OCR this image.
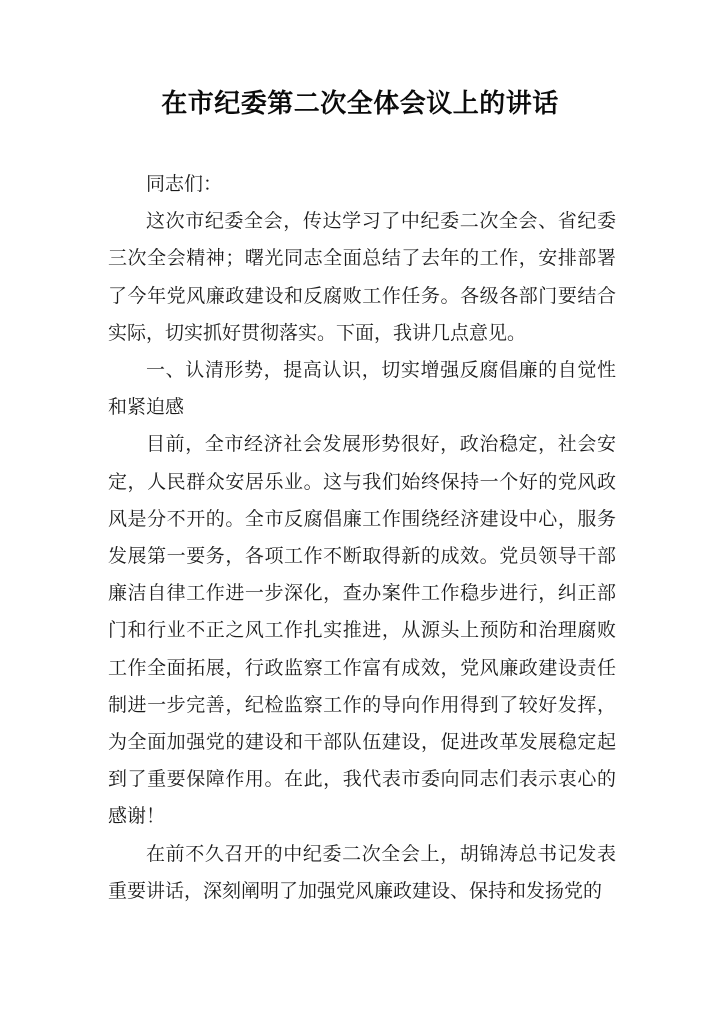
在市纪委第二次全体会议上的讲话

同志们：

这次市纪委全会，传达学习了中纪委二次全会、省纪委三次全会精神；曙光同志全面总结了去年的工作，安排部署了今年党风廉政建设和反腐败工作任务。各级各部门要结合实际，切实抓好贯彻落实。下面，我讲几点意见。

一、认清形势，提高认识，切实增强反腐倡廉的自觉性和紧迫感

目前，全市经济社会发展形势很好，政治稳定，社会安定，人民群众安居乐业。这与我们始终保持一个好的党风政风是分不开的。全市反腐倡廉工作围绕经济建设中心，服务发展第一要务，各项工作不断取得新的成效。党员领导干部廉洁自律工作进一步深化，查办案件工作稳步进行，纠正部门和行业不正之风工作扎实推进，从源头上预防和治理腐败工作全面拓展，行政监察工作富有成效，党风廉政建设责任制进一步完善，纪检监察工作的导向作用得到了较好发挥，为全面加强党的建设和干部队伍建设，促进改革发展稳定起到了重要保障作用。在此，我代表市委向同志们表示衷心的感谢！

在前不久召开的中纪委二次全会上，胡锦涛总书记发表重要讲话，深刻阐明了加强党风廉政建设、保持和发扬党的
